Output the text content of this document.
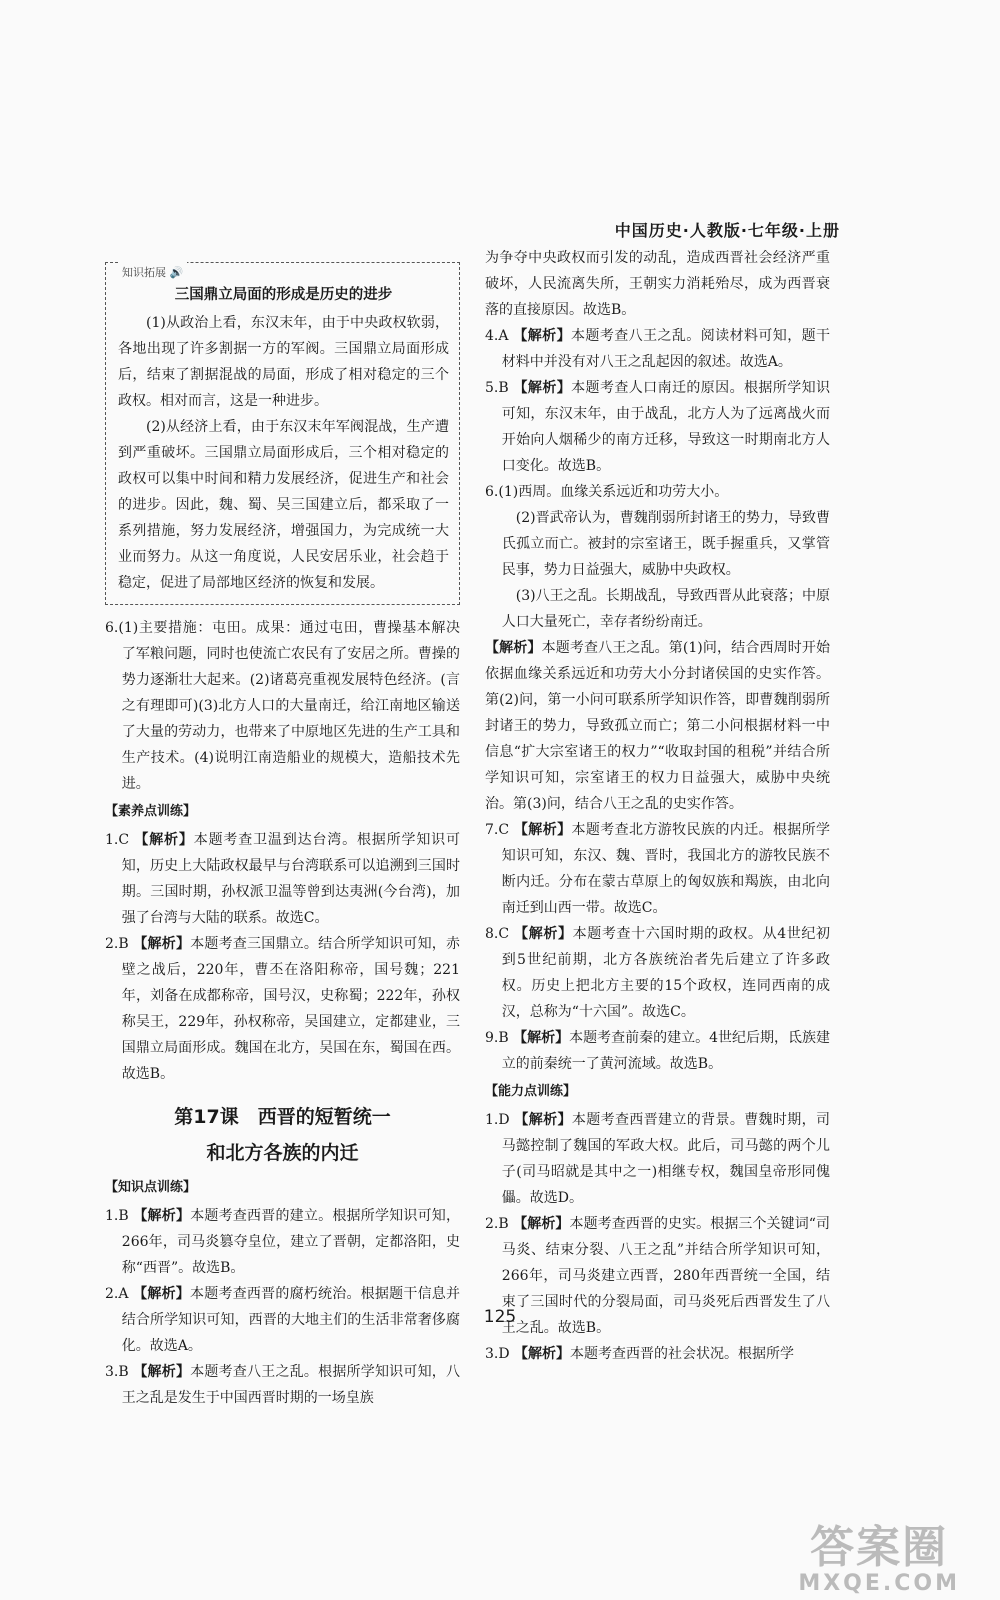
中国历史·人教版·七年级·上册
知识拓展 🔊
三国鼎立局面的形成是历史的进步

(1)从政治上看，东汉末年，由于中央政权软弱，各地出现了许多割据一方的军阀。三国鼎立局面形成后，结束了割据混战的局面，形成了相对稳定的三个政权。相对而言，这是一种进步。

(2)从经济上看，由于东汉末年军阀混战，生产遭到严重破坏。三国鼎立局面形成后，三个相对稳定的政权可以集中时间和精力发展经济，促进生产和社会的进步。因此，魏、蜀、吴三国建立后，都采取了一系列措施，努力发展经济，增强国力，为完成统一大业而努力。从这一角度说，人民安居乐业，社会趋于稳定，促进了局部地区经济的恢复和发展。

6.(1)主要措施：屯田。成果：通过屯田，曹操基本解决了军粮问题，同时也使流亡农民有了安居之所。曹操的势力逐渐壮大起来。(2)诸葛亮重视发展特色经济。(言之有理即可)(3)北方人口的大量南迁，给江南地区输送了大量的劳动力，也带来了中原地区先进的生产工具和生产技术。(4)说明江南造船业的规模大，造船技术先进。

【素养点训练】

1.C 【解析】本题考查卫温到达台湾。根据所学知识可知，历史上大陆政权最早与台湾联系可以追溯到三国时期。三国时期，孙权派卫温等曾到达夷洲(今台湾)，加强了台湾与大陆的联系。故选C。

2.B 【解析】本题考查三国鼎立。结合所学知识可知，赤壁之战后，220年，曹丕在洛阳称帝，国号魏；221年，刘备在成都称帝，国号汉，史称蜀；222年，孙权称吴王，229年，孙权称帝，吴国建立，定都建业，三国鼎立局面形成。魏国在北方，吴国在东，蜀国在西。故选B。

第17课　西晋的短暂统一
和北方各族的内迁
【知识点训练】

1.B 【解析】本题考查西晋的建立。根据所学知识可知，266年，司马炎篡夺皇位，建立了晋朝，定都洛阳，史称“西晋”。故选B。

2.A 【解析】本题考查西晋的腐朽统治。根据题干信息并结合所学知识可知，西晋的大地主们的生活非常奢侈腐化。故选A。

3.B 【解析】本题考查八王之乱。根据所学知识可知，八王之乱是发生于中国西晋时期的一场皇族

为争夺中央政权而引发的动乱，造成西晋社会经济严重破坏，人民流离失所，王朝实力消耗殆尽，成为西晋衰落的直接原因。故选B。

4.A 【解析】本题考查八王之乱。阅读材料可知，题干材料中并没有对八王之乱起因的叙述。故选A。

5.B 【解析】本题考查人口南迁的原因。根据所学知识可知，东汉末年，由于战乱，北方人为了远离战火而开始向人烟稀少的南方迁移，导致这一时期南北方人口变化。故选B。

6.(1)西周。血缘关系远近和功劳大小。

(2)晋武帝认为，曹魏削弱所封诸王的势力，导致曹氏孤立而亡。被封的宗室诸王，既手握重兵，又掌管民事，势力日益强大，威胁中央政权。

(3)八王之乱。长期战乱，导致西晋从此衰落；中原人口大量死亡，幸存者纷纷南迁。

【解析】本题考查八王之乱。第(1)问，结合西周时开始依据血缘关系远近和功劳大小分封诸侯国的史实作答。第(2)问，第一小问可联系所学知识作答，即曹魏削弱所封诸王的势力，导致孤立而亡；第二小问根据材料一中信息“扩大宗室诸王的权力”“收取封国的租税”并结合所学知识可知，宗室诸王的权力日益强大，威胁中央统治。第(3)问，结合八王之乱的史实作答。

7.C 【解析】本题考查北方游牧民族的内迁。根据所学知识可知，东汉、魏、晋时，我国北方的游牧民族不断内迁。分布在蒙古草原上的匈奴族和羯族，由北向南迁到山西一带。故选C。

8.C 【解析】本题考查十六国时期的政权。从4世纪初到5世纪前期，北方各族统治者先后建立了许多政权。历史上把北方主要的15个政权，连同西南的成汉，总称为“十六国”。故选C。

9.B 【解析】本题考查前秦的建立。4世纪后期，氐族建立的前秦统一了黄河流域。故选B。

【能力点训练】

1.D 【解析】本题考查西晋建立的背景。曹魏时期，司马懿控制了魏国的军政大权。此后，司马懿的两个儿子(司马昭就是其中之一)相继专权，魏国皇帝形同傀儡。故选D。

2.B 【解析】本题考查西晋的史实。根据三个关键词“司马炎、结束分裂、八王之乱”并结合所学知识可知，266年，司马炎建立西晋，280年西晋统一全国，结束了三国时代的分裂局面，司马炎死后西晋发生了八王之乱。故选B。

3.D 【解析】本题考查西晋的社会状况。根据所学

125
答案圈
MXQE.COM
